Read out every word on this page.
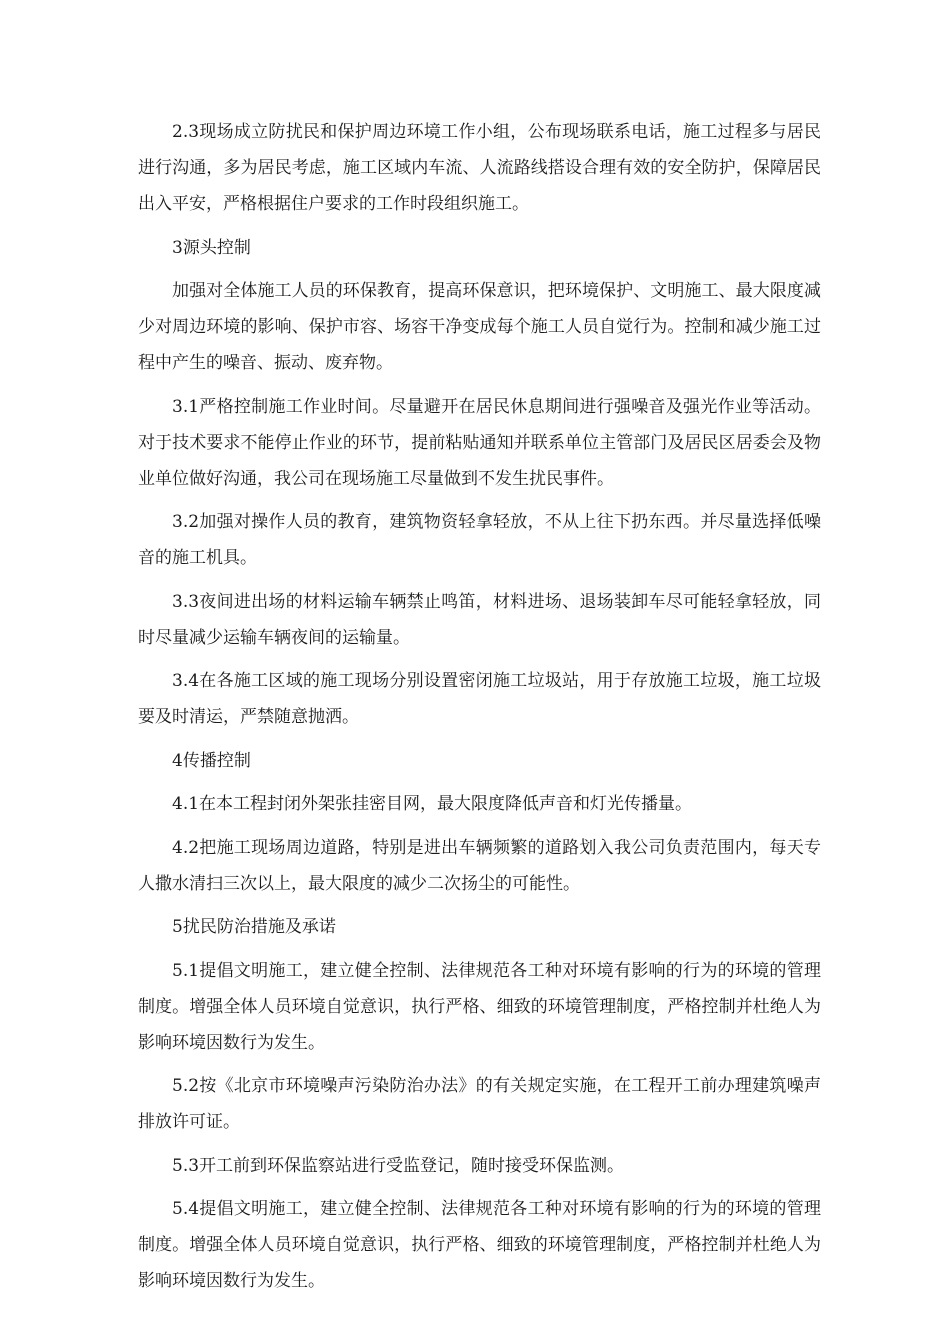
2.3现场成立防扰民和保护周边环境工作小组，公布现场联系电话，施工过程多与居民进行沟通，多为居民考虑，施工区域内车流、人流路线搭设合理有效的安全防护，保障居民出入平安，严格根据住户要求的工作时段组织施工。

3源头控制

加强对全体施工人员的环保教育，提高环保意识，把环境保护、文明施工、最大限度减少对周边环境的影响、保护市容、场容干净变成每个施工人员自觉行为。控制和减少施工过程中产生的噪音、振动、废弃物。

3.1严格控制施工作业时间。尽量避开在居民休息期间进行强噪音及强光作业等活动。对于技术要求不能停止作业的环节，提前粘贴通知并联系单位主管部门及居民区居委会及物业单位做好沟通，我公司在现场施工尽量做到不发生扰民事件。

3.2加强对操作人员的教育，建筑物资轻拿轻放，不从上往下扔东西。并尽量选择低噪音的施工机具。

3.3夜间进出场的材料运输车辆禁止鸣笛，材料进场、退场装卸车尽可能轻拿轻放，同时尽量减少运输车辆夜间的运输量。

3.4在各施工区域的施工现场分别设置密闭施工垃圾站，用于存放施工垃圾，施工垃圾要及时清运，严禁随意抛洒。

4传播控制

4.1在本工程封闭外架张挂密目网，最大限度降低声音和灯光传播量。

4.2把施工现场周边道路，特别是进出车辆频繁的道路划入我公司负责范围内，每天专人撒水清扫三次以上，最大限度的减少二次扬尘的可能性。

5扰民防治措施及承诺

5.1提倡文明施工，建立健全控制、法律规范各工种对环境有影响的行为的环境的管理制度。增强全体人员环境自觉意识，执行严格、细致的环境管理制度，严格控制并杜绝人为影响环境因数行为发生。

5.2按《北京市环境噪声污染防治办法》的有关规定实施，在工程开工前办理建筑噪声排放许可证。

5.3开工前到环保监察站进行受监登记，随时接受环保监测。

5.4提倡文明施工，建立健全控制、法律规范各工种对环境有影响的行为的环境的管理制度。增强全体人员环境自觉意识，执行严格、细致的环境管理制度，严格控制并杜绝人为影响环境因数行为发生。
